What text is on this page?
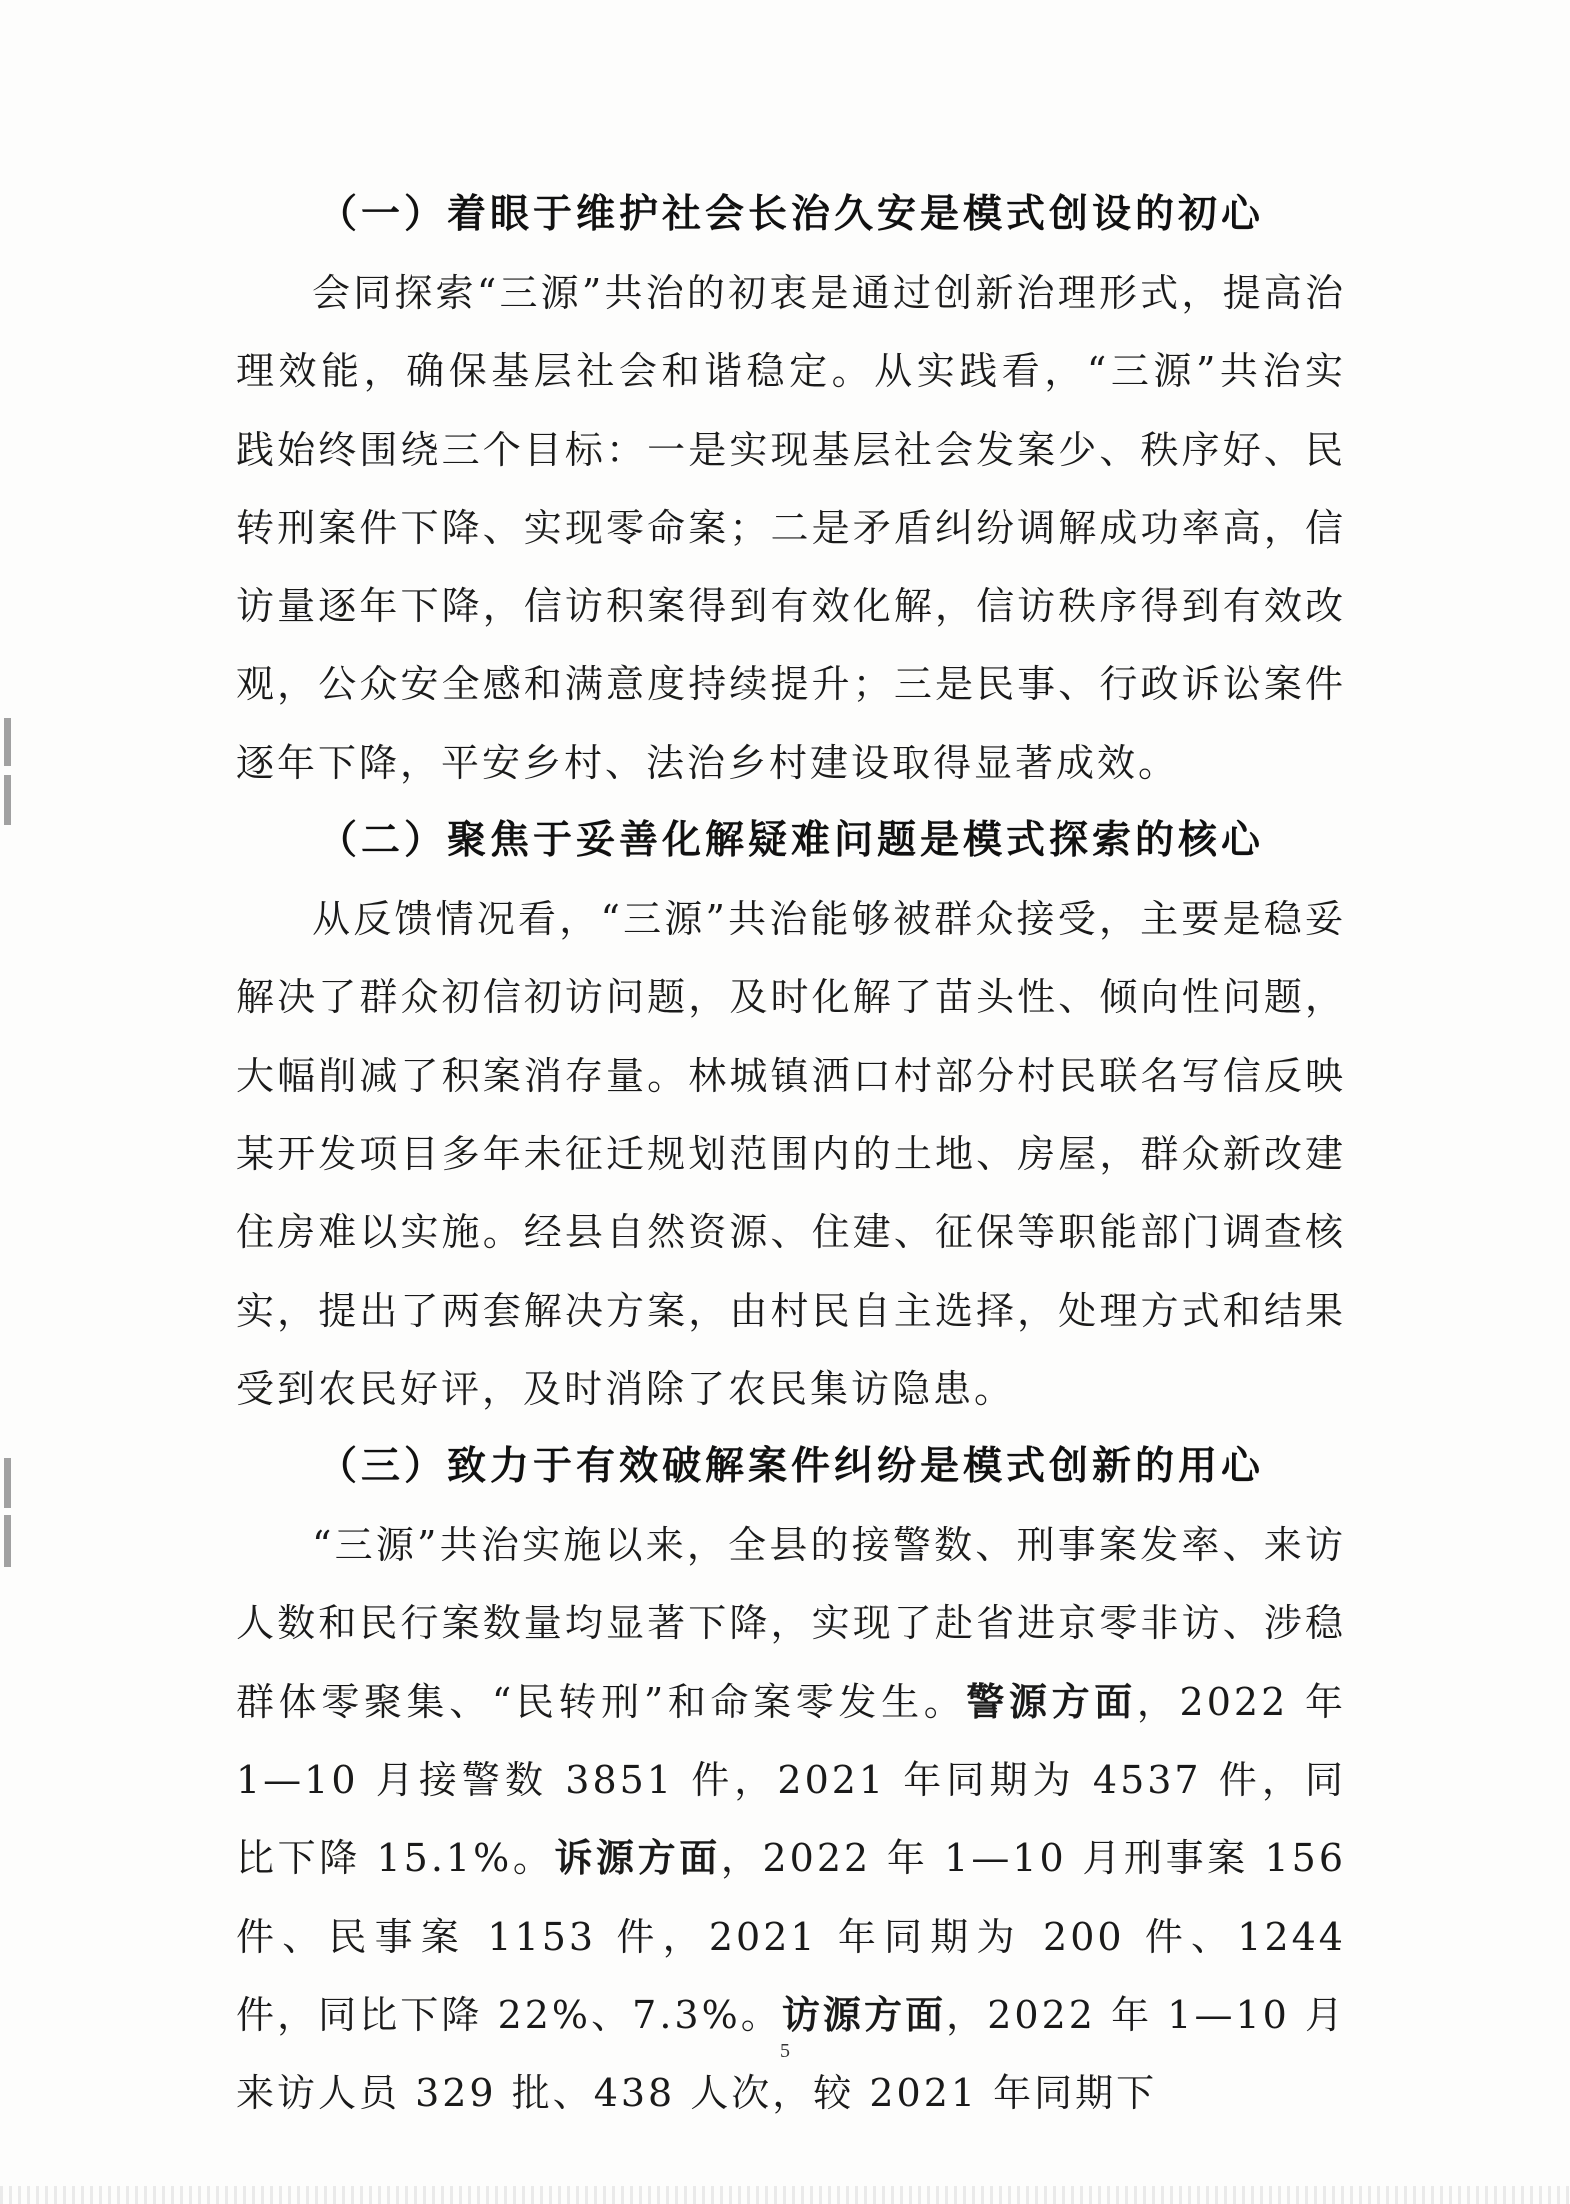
（一）着眼于维护社会长治久安是模式创设的初心

会同探索“三源”共治的初衷是通过创新治理形式，提高治理效能，确保基层社会和谐稳定。从实践看，“三源”共治实践始终围绕三个目标：一是实现基层社会发案少、秩序好、民转刑案件下降、实现零命案；二是矛盾纠纷调解成功率高，信访量逐年下降，信访积案得到有效化解，信访秩序得到有效改观，公众安全感和满意度持续提升；三是民事、行政诉讼案件逐年下降，平安乡村、法治乡村建设取得显著成效。

（二）聚焦于妥善化解疑难问题是模式探索的核心

从反馈情况看，“三源”共治能够被群众接受，主要是稳妥解决了群众初信初访问题，及时化解了苗头性、倾向性问题，大幅削减了积案消存量。林城镇洒口村部分村民联名写信反映某开发项目多年未征迁规划范围内的土地、房屋，群众新改建住房难以实施。经县自然资源、住建、征保等职能部门调查核实，提出了两套解决方案，由村民自主选择，处理方式和结果受到农民好评，及时消除了农民集访隐患。

（三）致力于有效破解案件纠纷是模式创新的用心

“三源”共治实施以来，全县的接警数、刑事案发率、来访人数和民行案数量均显著下降，实现了赴省进京零非访、涉稳群体零聚集、“民转刑”和命案零发生。警源方面，2022 年 1—10 月接警数 3851 件，2021 年同期为 4537 件，同比下降 15.1%。诉源方面，2022 年 1—10 月刑事案 156 件、民事案 1153 件，2021 年同期为 200 件、1244 件，同比下降 22%、7.3%。访源方面，2022 年 1—10 月来访人员 329 批、438 人次，较 2021 年同期下

5
